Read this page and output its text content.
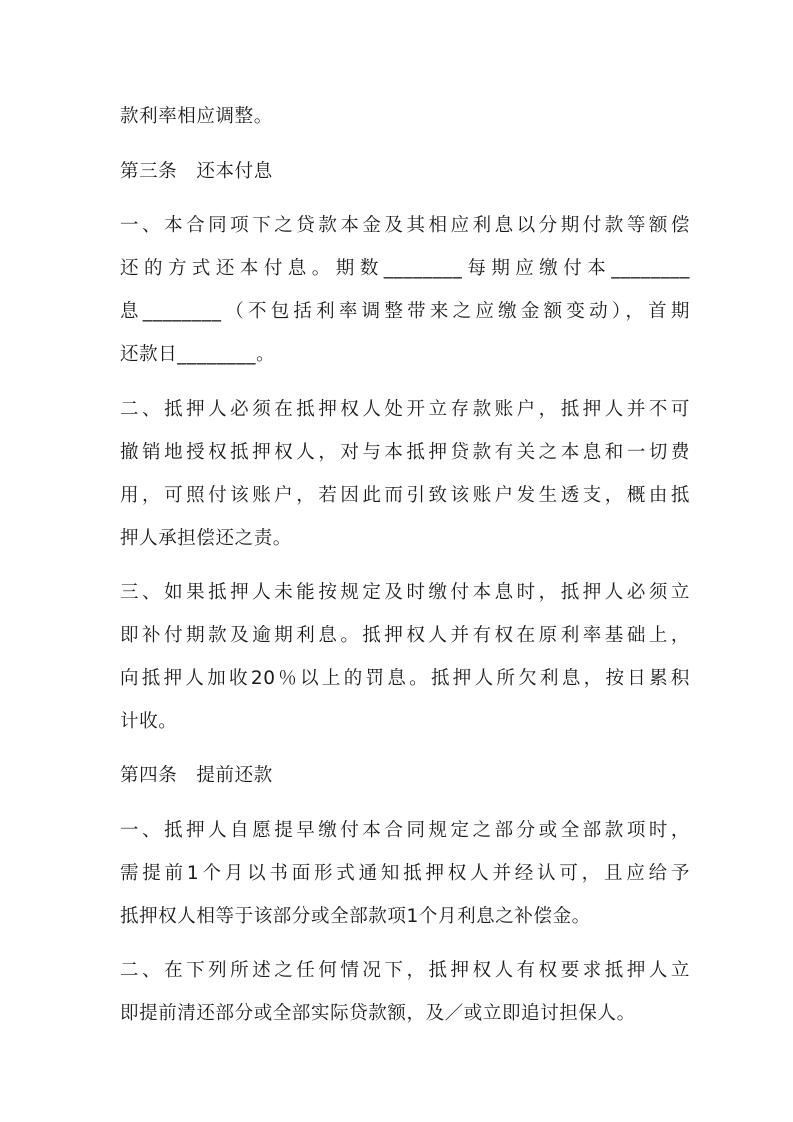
款利率相应调整。
第三条　还本付息
一、本合同项下之贷款本金及其相应利息以分期付款等额偿
还的方式还本付息。期数________每期应缴付本________
息________（不包括利率调整带来之应缴金额变动），首期
还款日________。
二、抵押人必须在抵押权人处开立存款账户，抵押人并不可
撤销地授权抵押权人，对与本抵押贷款有关之本息和一切费
用，可照付该账户，若因此而引致该账户发生透支，概由抵
押人承担偿还之责。
三、如果抵押人未能按规定及时缴付本息时，抵押人必须立
即补付期款及逾期利息。抵押权人并有权在原利率基础上，
向抵押人加收20％以上的罚息。抵押人所欠利息，按日累积
计收。
第四条　提前还款
一、抵押人自愿提早缴付本合同规定之部分或全部款项时，
需提前1个月以书面形式通知抵押权人并经认可，且应给予
抵押权人相等于该部分或全部款项1个月利息之补偿金。
二、在下列所述之任何情况下，抵押权人有权要求抵押人立
即提前清还部分或全部实际贷款额，及／或立即追讨担保人。
